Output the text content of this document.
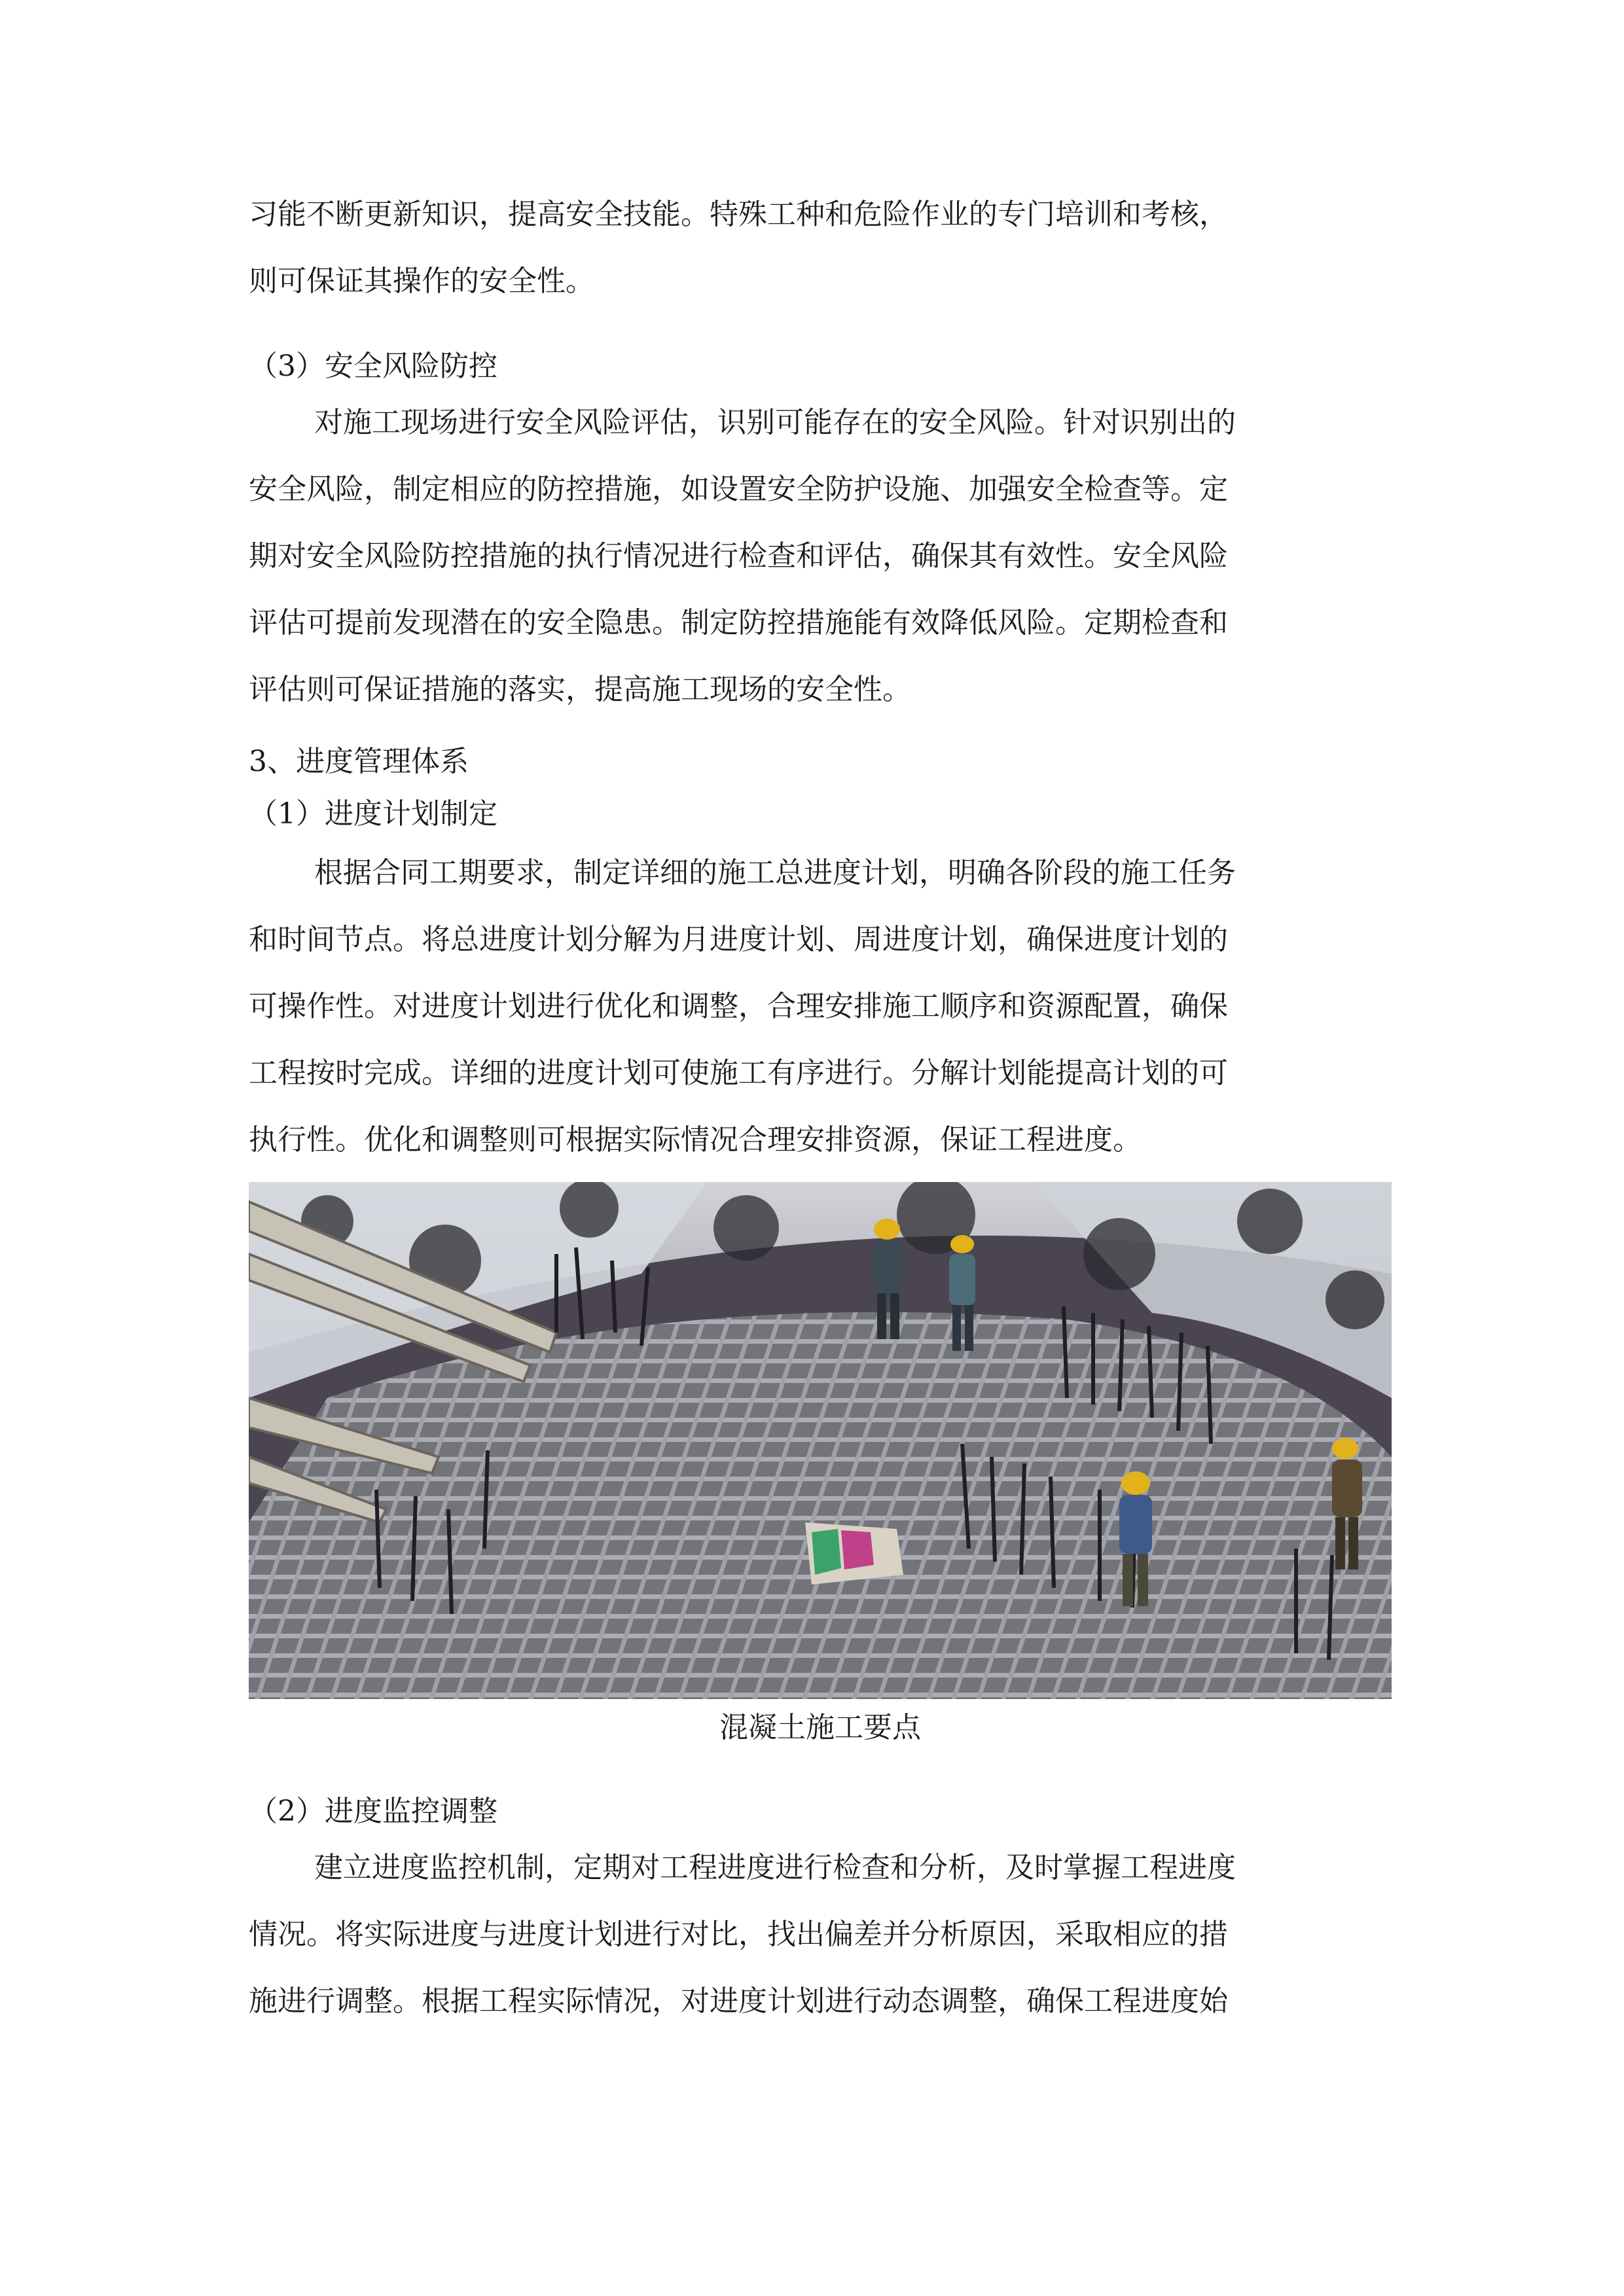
习能不断更新知识，提高安全技能。特殊工种和危险作业的专门培训和考核，
则可保证其操作的安全性。
（3）安全风险防控
对施工现场进行安全风险评估，识别可能存在的安全风险。针对识别出的
安全风险，制定相应的防控措施，如设置安全防护设施、加强安全检查等。定
期对安全风险防控措施的执行情况进行检查和评估，确保其有效性。安全风险
评估可提前发现潜在的安全隐患。制定防控措施能有效降低风险。定期检查和
评估则可保证措施的落实，提高施工现场的安全性。
3、进度管理体系
（1）进度计划制定
根据合同工期要求，制定详细的施工总进度计划，明确各阶段的施工任务
和时间节点。将总进度计划分解为月进度计划、周进度计划，确保进度计划的
可操作性。对进度计划进行优化和调整，合理安排施工顺序和资源配置，确保
工程按时完成。详细的进度计划可使施工有序进行。分解计划能提高计划的可
执行性。优化和调整则可根据实际情况合理安排资源，保证工程进度。
混凝土施工要点
（2）进度监控调整
建立进度监控机制，定期对工程进度进行检查和分析，及时掌握工程进度
情况。将实际进度与进度计划进行对比，找出偏差并分析原因，采取相应的措
施进行调整。根据工程实际情况，对进度计划进行动态调整，确保工程进度始
